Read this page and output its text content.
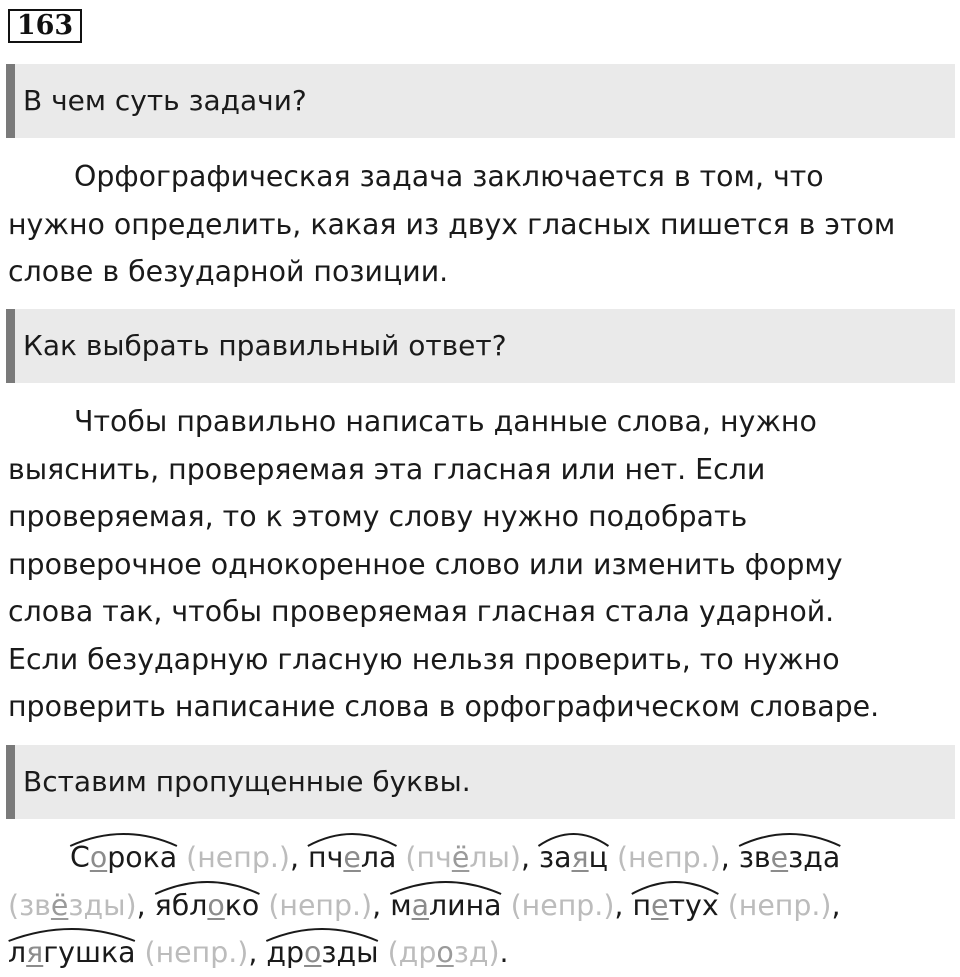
163
В чем суть задачи?
Орфографическая задача заключается в том, что
нужно определить, какая из двух гласных пишется в этом
слове в безударной позиции.
Как выбрать правильный ответ?
Чтобы правильно написать данные слова, нужно
выяснить, проверяемая эта гласная или нет. Если
проверяемая, то к этому слову нужно подобрать
проверочное однокоренное слово или изменить форму
слова так, чтобы проверяемая гласная стала ударной.
Если безударную гласную нельзя проверить, то нужно
проверить написание слова в орфографическом словаре.
Вставим пропущенные буквы.
Сорока (непр.),
пчела (пчёлы),
заяц (непр.),
звезда
(звёзды),
яблоко (непр.),
малина (непр.),
петух (непр.),

лягушка (непр.),
дрозды (дрозд).
